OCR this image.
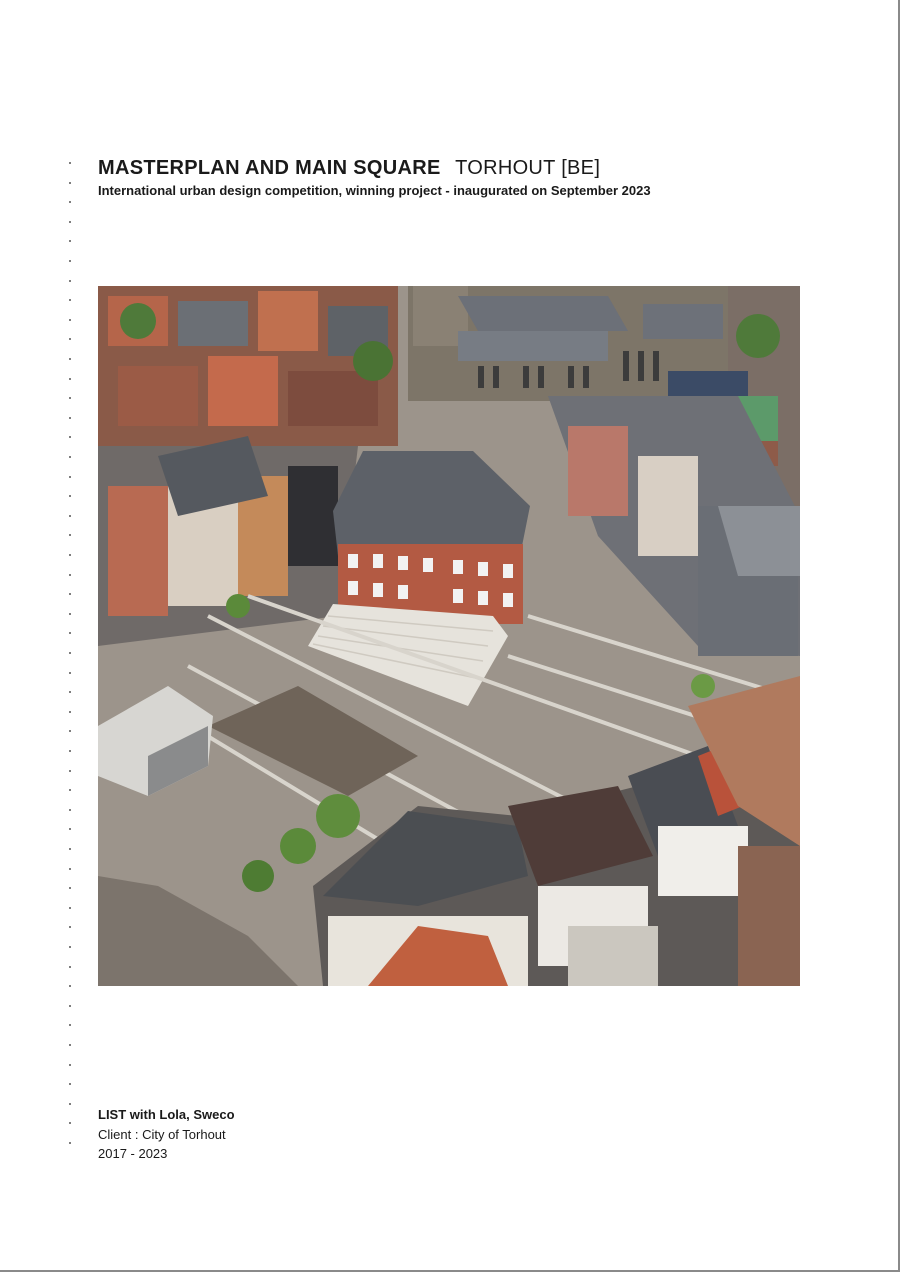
MASTERPLAN AND MAIN SQUARE TORHOUT [BE]
International urban design competition, winning project - inaugurated on September 2023
LIST with Lola, Sweco
Client : City of Torhout
2017 - 2023
